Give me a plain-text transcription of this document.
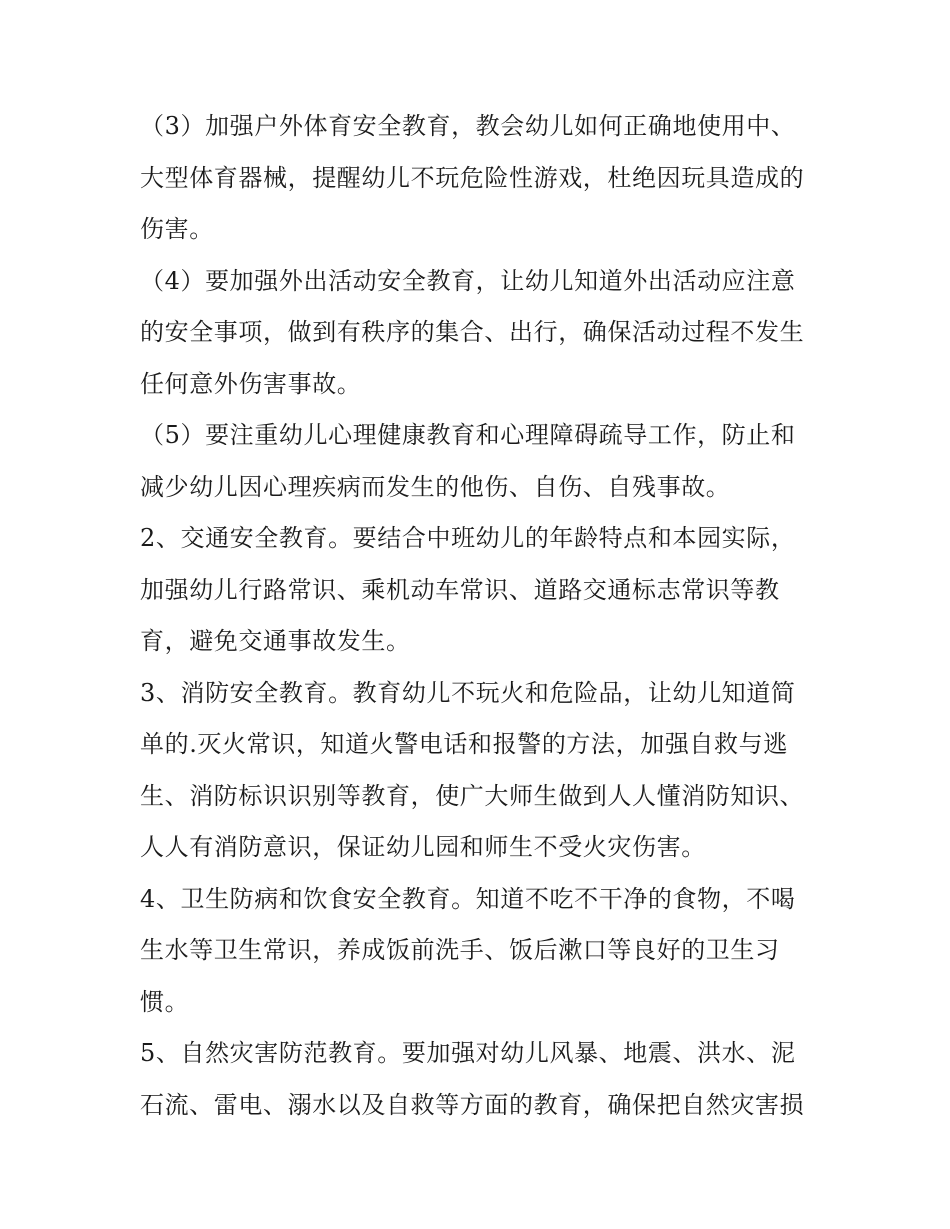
（3）加强户外体育安全教育，教会幼儿如何正确地使用中、大型体育器械，提醒幼儿不玩危险性游戏，杜绝因玩具造成的伤害。

（4）要加强外出活动安全教育，让幼儿知道外出活动应注意的安全事项，做到有秩序的集合、出行，确保活动过程不发生任何意外伤害事故。

（5）要注重幼儿心理健康教育和心理障碍疏导工作，防止和减少幼儿因心理疾病而发生的他伤、自伤、自残事故。

2、交通安全教育。要结合中班幼儿的年龄特点和本园实际，加强幼儿行路常识、乘机动车常识、道路交通标志常识等教育，避免交通事故发生。

3、消防安全教育。教育幼儿不玩火和危险品，让幼儿知道简单的.灭火常识，知道火警电话和报警的方法，加强自救与逃生、消防标识识别等教育，使广大师生做到人人懂消防知识、人人有消防意识，保证幼儿园和师生不受火灾伤害。

4、卫生防病和饮食安全教育。知道不吃不干净的食物，不喝生水等卫生常识，养成饭前洗手、饭后漱口等良好的卫生习惯。

5、自然灾害防范教育。要加强对幼儿风暴、地震、洪水、泥石流、雷电、溺水以及自救等方面的教育，确保把自然灾害损
